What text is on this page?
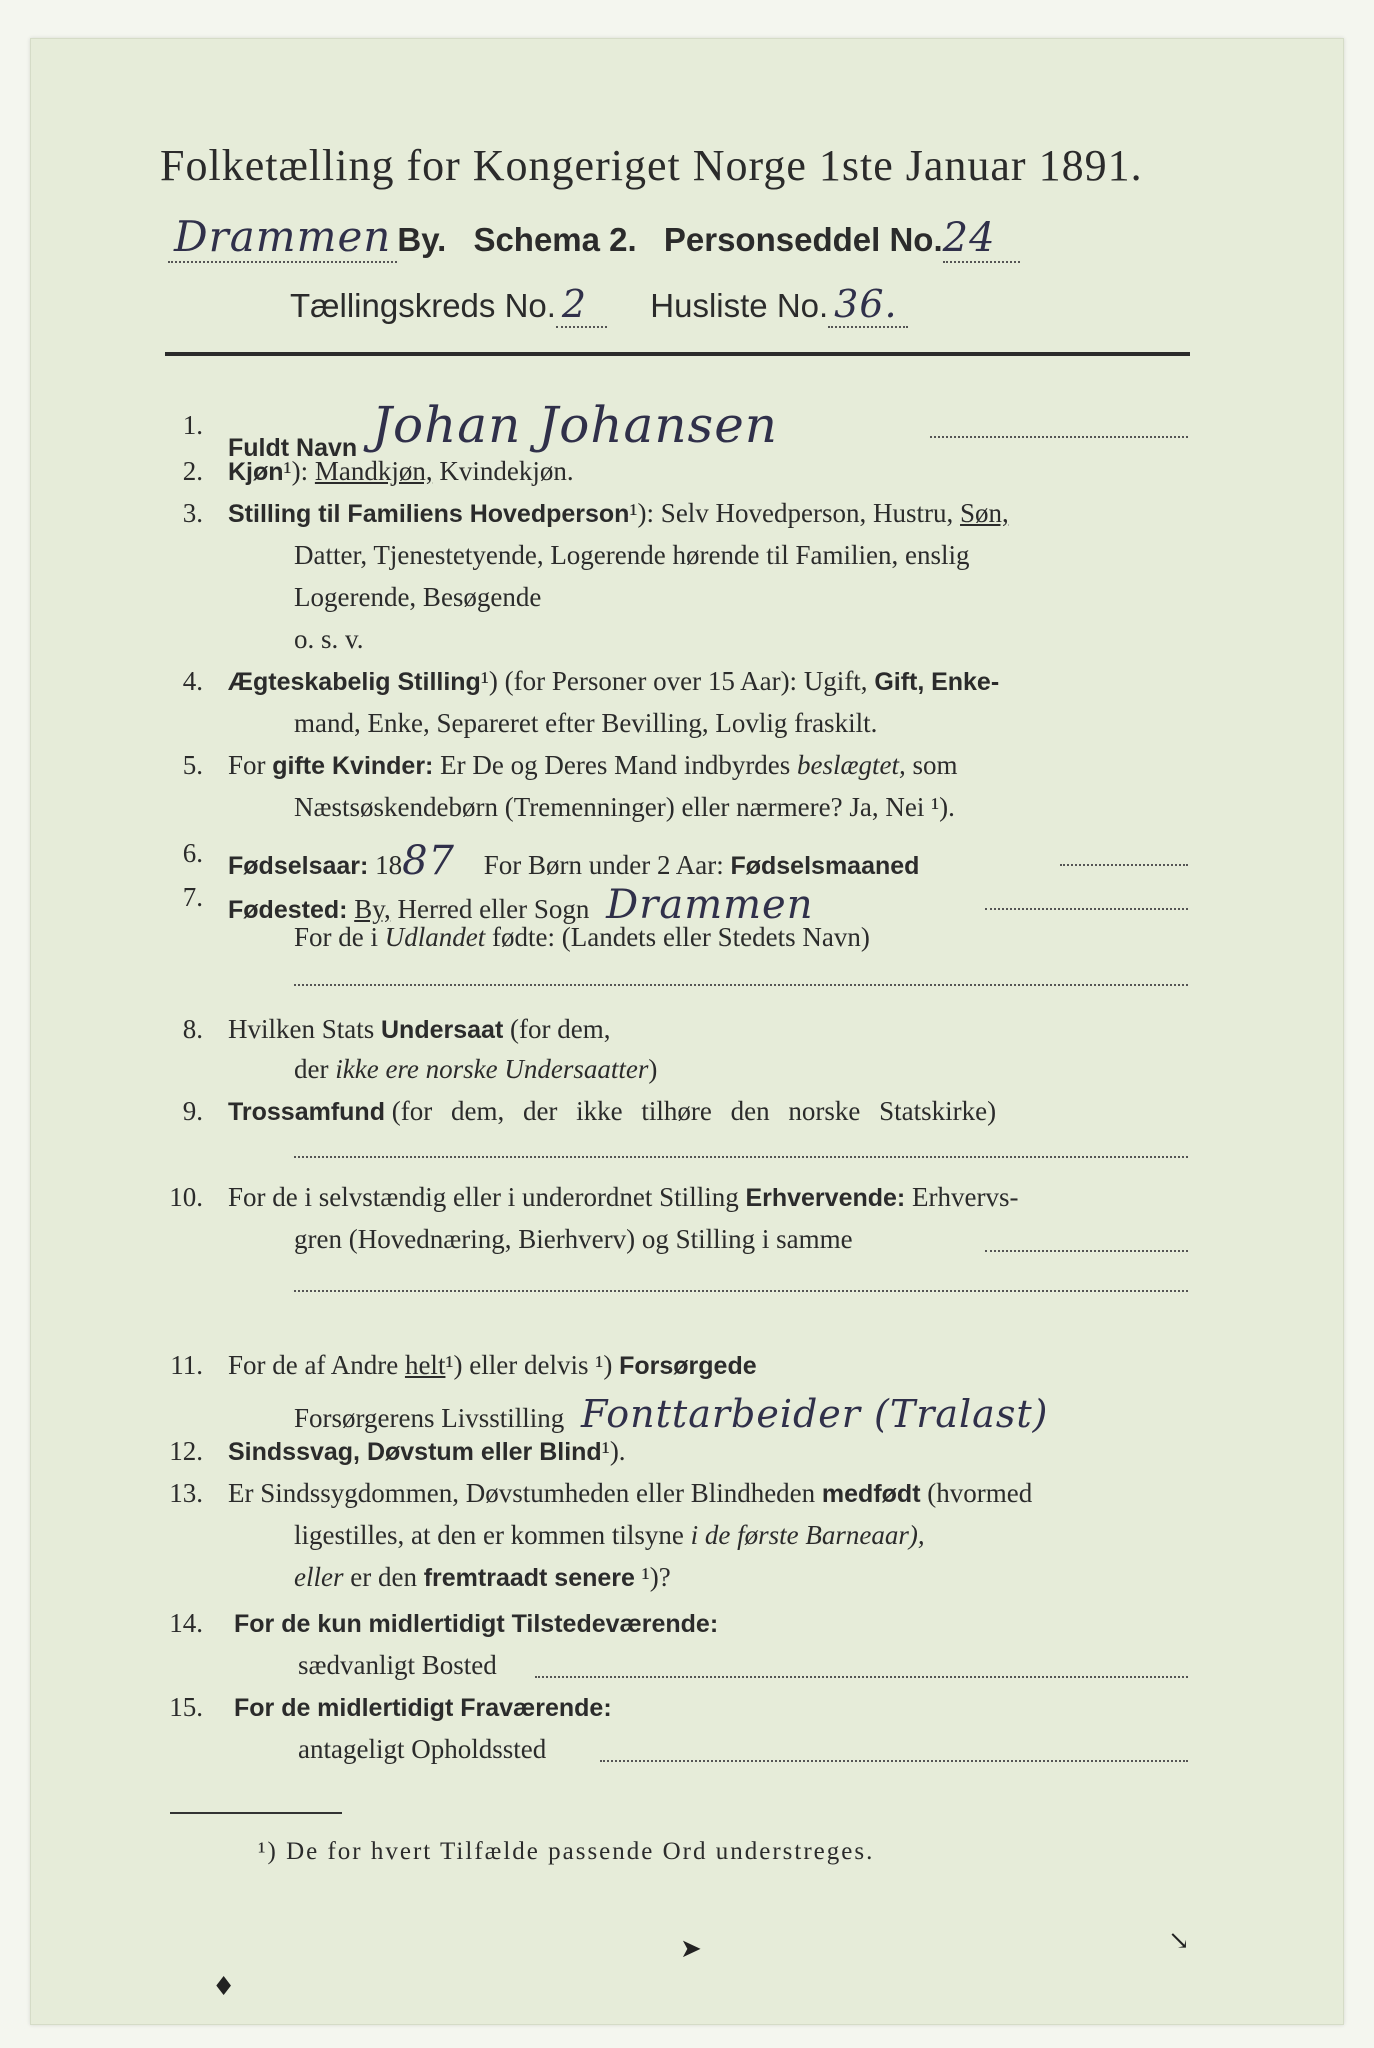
Folketælling for Kongeriget Norge 1ste Januar 1891.
Drammen By. Schema 2. Personseddel No.24
Tællingskreds No. 2 Husliste No. 36.
1.
Fuldt Navn Johan Johansen
2. Kjøn¹): Mandkjøn, Kvindekjøn.
3. Stilling til Familiens Hovedperson¹): Selv Hovedperson, Hustru, Søn,
Datter, Tjenestetyende, Logerende hørende til Familien, enslig
Logerende, Besøgende
o. s. v.
4. Ægteskabelig Stilling¹) (for Personer over 15 Aar): Ugift, Gift, Enke-
mand, Enke, Separeret efter Bevilling, Lovlig fraskilt.
5. For gifte Kvinder: Er De og Deres Mand indbyrdes beslægtet, som
Næstsøskendebørn (Tremenninger) eller nærmere? Ja, Nei ¹).
6. Fødselsaar: 1887 For Børn under 2 Aar: Fødselsmaaned
7. Fødested: By, Herred eller Sogn Drammen
For de i Udlandet fødte: (Landets eller Stedets Navn)
8. Hvilken Stats Undersaat (for dem,
der ikke ere norske Undersaatter)
9. Trossamfund (for dem, der ikke tilhøre den norske Statskirke)
10. For de i selvstændig eller i underordnet Stilling Erhvervende: Erhvervs-
gren (Hovednæring, Bierhverv) og Stilling i samme
11. For de af Andre helt¹) eller delvis ¹) Forsørgede
Forsørgerens Livsstilling Fonttarbeider (Tralast)
12. Sindssvag, Døvstum eller Blind¹).
13. Er Sindssygdommen, Døvstumheden eller Blindheden medfødt (hvormed
ligestilles, at den er kommen tilsyne i de første Barneaar),
eller er den fremtraadt senere ¹)?
14. For de kun midlertidigt Tilstedeværende:
sædvanligt Bosted
15. For de midlertidigt Fraværende:
antageligt Opholdssted
¹) De for hvert Tilfælde passende Ord understreges.
♦
➤	↘
